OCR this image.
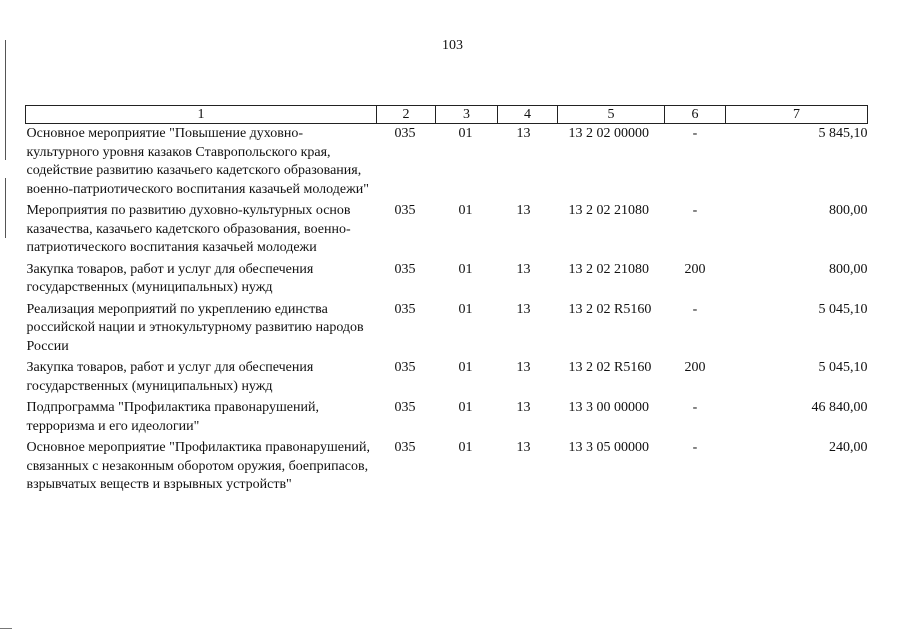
103
1	2	3	4	5	6	7
Основное мероприятие "Повышение духовно-культурного уровня казаков Ставропольского края, содействие развитию казачьего кадетского образования, военно-патриотического воспитания казачьей молодежи"	035	01	13	13 2 02 00000	-	5 845,10
Мероприятия по развитию духовно-культурных основ казачества, казачьего кадетского образования, военно-патриотического воспитания казачьей молодежи	035	01	13	13 2 02 21080	-	800,00
Закупка товаров, работ и услуг для обеспечения государственных (муниципальных) нужд	035	01	13	13 2 02 21080	200	800,00
Реализация мероприятий по укреплению единства российской нации и этнокультурному развитию народов России	035	01	13	13 2 02 R5160	-	5 045,10
Закупка товаров, работ и услуг для обеспечения государственных (муниципальных) нужд	035	01	13	13 2 02 R5160	200	5 045,10
Подпрограмма "Профилактика правонарушений, терроризма и его идеологии"	035	01	13	13 3 00 00000	-	46 840,00
Основное мероприятие "Профилактика правонарушений, связанных с незаконным оборотом оружия, боеприпасов, взрывчатых веществ и взрывных устройств"	035	01	13	13 3 05 00000	-	240,00
